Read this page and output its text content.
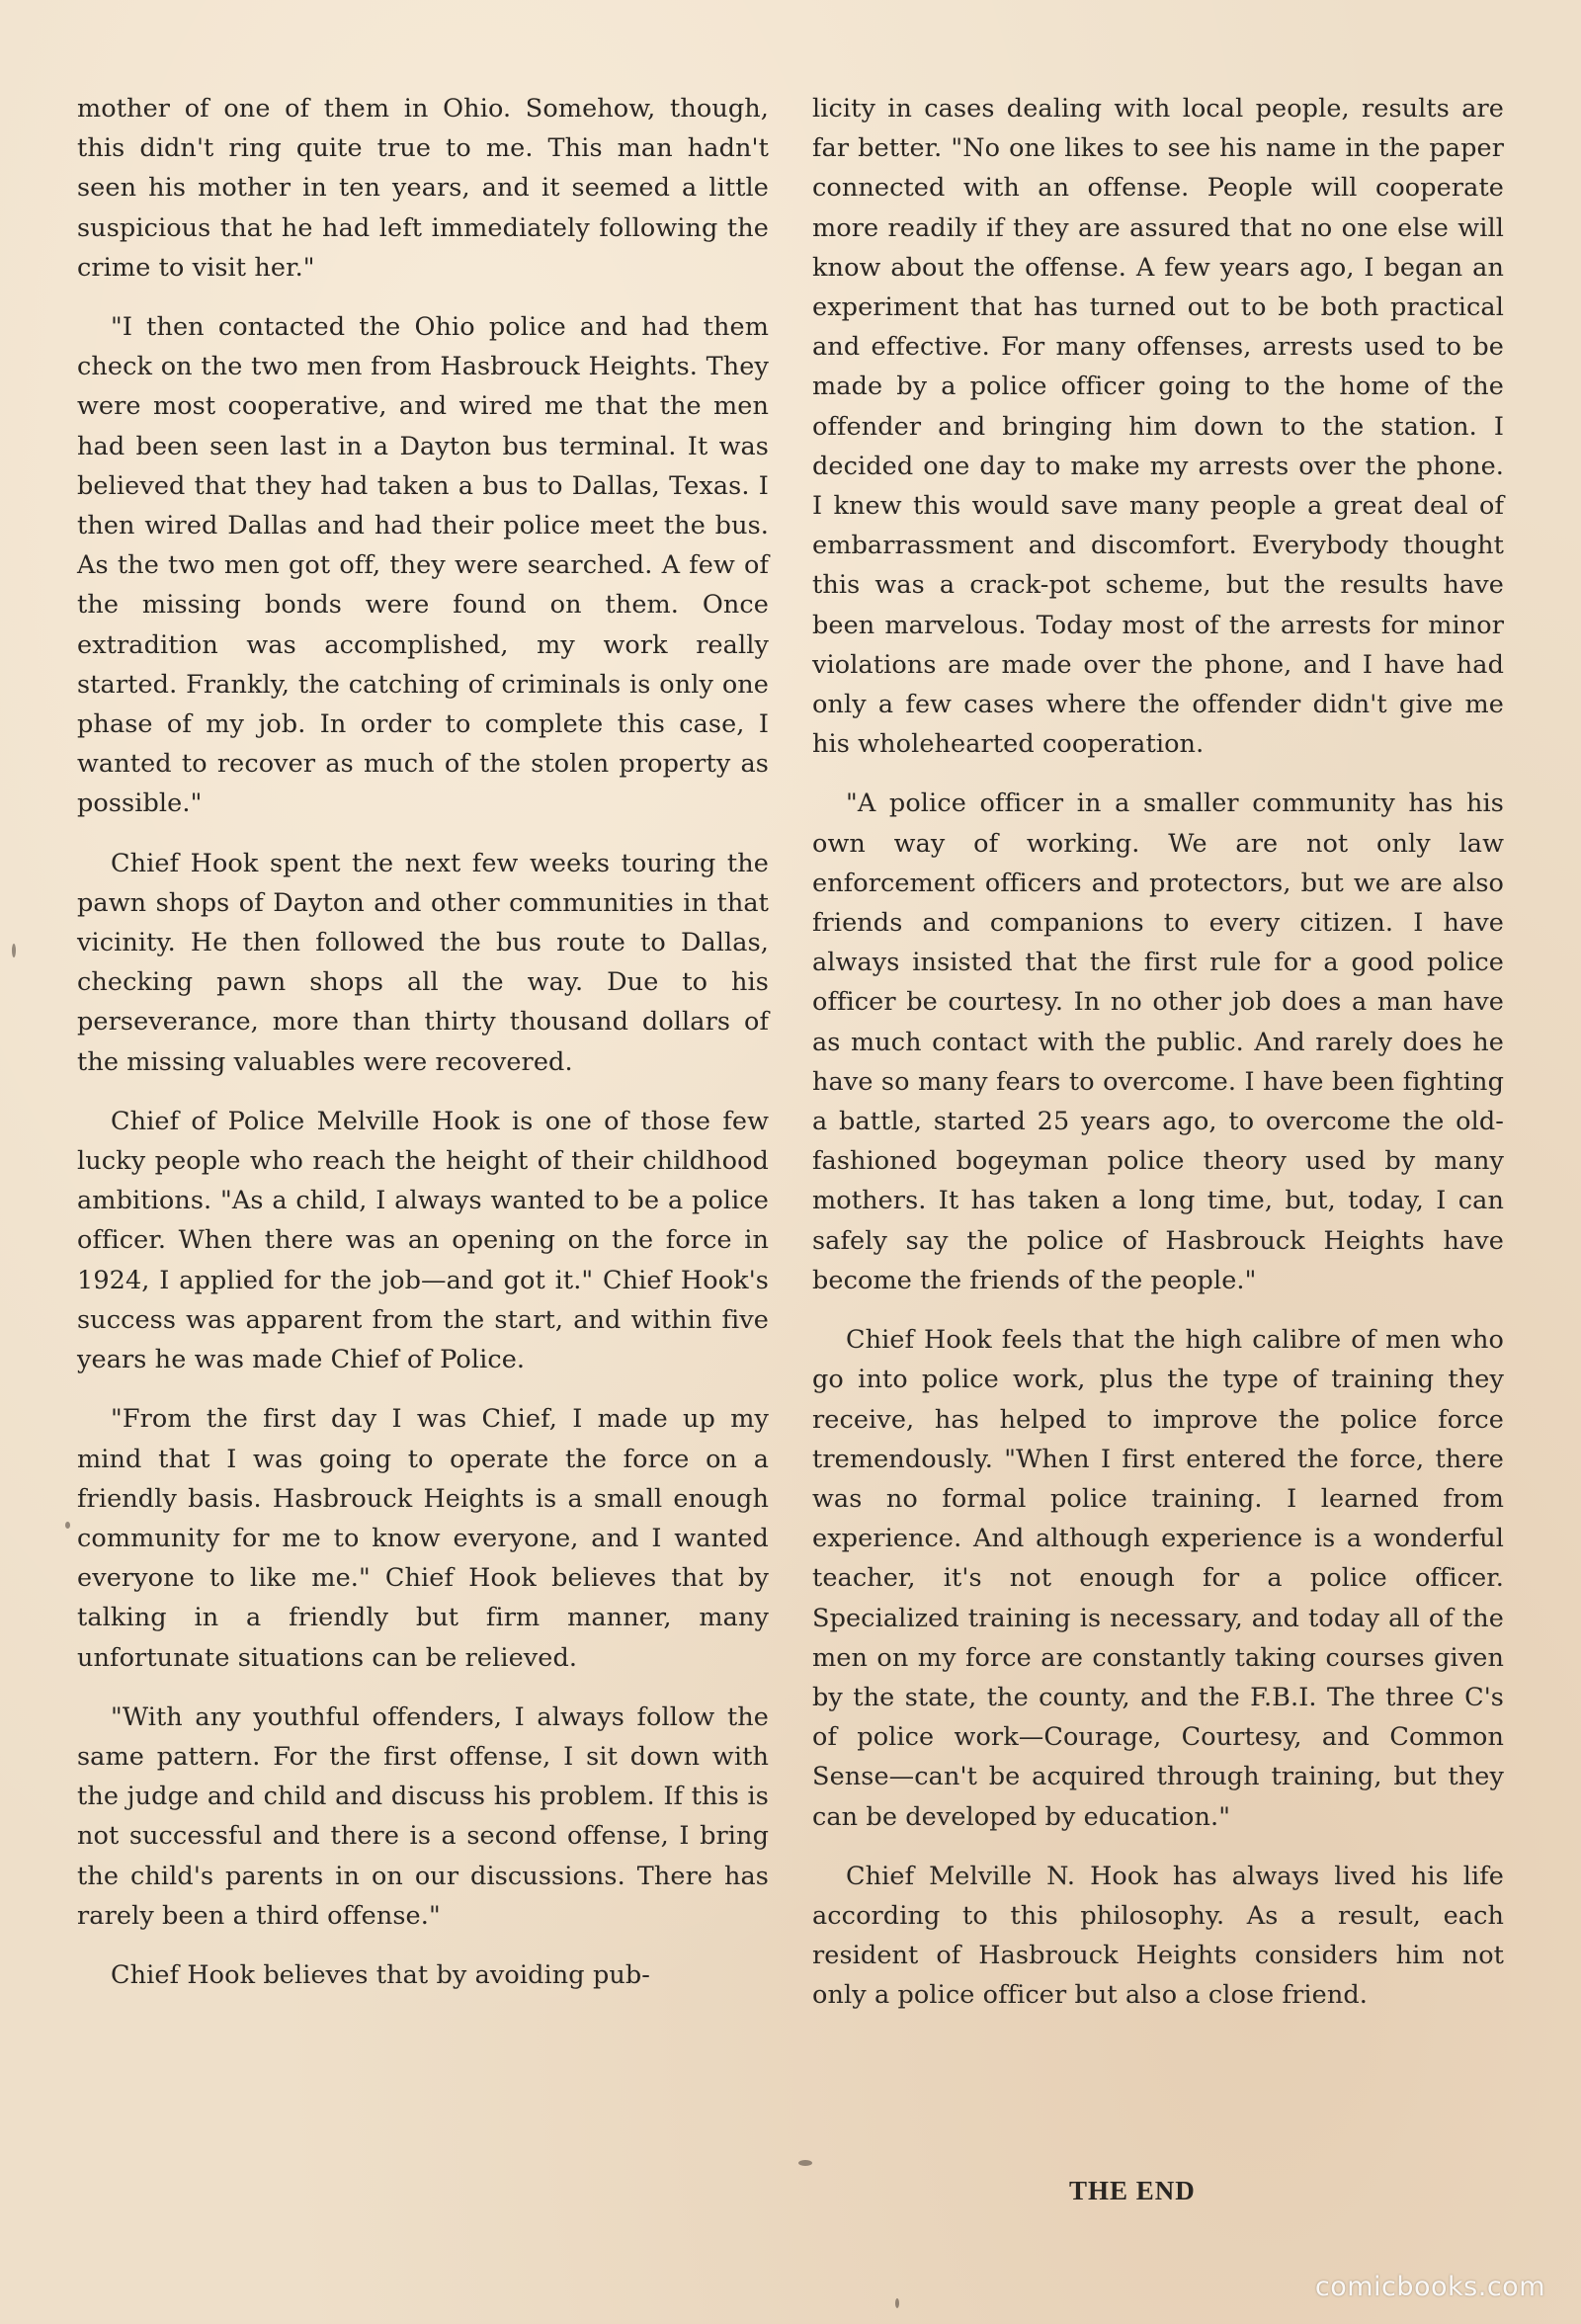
mother of one of them in Ohio. Somehow, though, this didn't ring quite true to me. This man hadn't seen his mother in ten years, and it seemed a little suspicious that he had left immediately following the crime to visit her."

"I then contacted the Ohio police and had them check on the two men from Hasbrouck Heights. They were most cooperative, and wired me that the men had been seen last in a Dayton bus terminal. It was believed that they had taken a bus to Dallas, Texas. I then wired Dallas and had their police meet the bus. As the two men got off, they were searched. A few of the missing bonds were found on them. Once extradition was accomplished, my work really started. Frankly, the catching of criminals is only one phase of my job. In order to complete this case, I wanted to recover as much of the stolen property as possible."

Chief Hook spent the next few weeks touring the pawn shops of Dayton and other communities in that vicinity. He then followed the bus route to Dallas, checking pawn shops all the way. Due to his perseverance, more than thirty thousand dollars of the missing valuables were recovered.

Chief of Police Melville Hook is one of those few lucky people who reach the height of their childhood ambitions. "As a child, I always wanted to be a police officer. When there was an opening on the force in 1924, I applied for the job—and got it." Chief Hook's success was apparent from the start, and within five years he was made Chief of Police.

"From the first day I was Chief, I made up my mind that I was going to operate the force on a friendly basis. Hasbrouck Heights is a small enough community for me to know everyone, and I wanted everyone to like me." Chief Hook believes that by talking in a friendly but firm manner, many unfortunate situations can be relieved.

"With any youthful offenders, I always follow the same pattern. For the first offense, I sit down with the judge and child and discuss his problem. If this is not successful and there is a second offense, I bring the child's parents in on our discussions. There has rarely been a third offense."

Chief Hook believes that by avoiding pub-

licity in cases dealing with local people, results are far better. "No one likes to see his name in the paper connected with an offense. People will cooperate more readily if they are assured that no one else will know about the offense. A few years ago, I began an experiment that has turned out to be both practical and effective. For many offenses, arrests used to be made by a police officer going to the home of the offender and bringing him down to the station. I decided one day to make my arrests over the phone. I knew this would save many people a great deal of embarrassment and discomfort. Everybody thought this was a crack-pot scheme, but the results have been marvelous. Today most of the arrests for minor violations are made over the phone, and I have had only a few cases where the offender didn't give me his wholehearted cooperation.

"A police officer in a smaller community has his own way of working. We are not only law enforcement officers and protectors, but we are also friends and companions to every citizen. I have always insisted that the first rule for a good police officer be courtesy. In no other job does a man have as much contact with the public. And rarely does he have so many fears to overcome. I have been fighting a battle, started 25 years ago, to overcome the old-fashioned bogeyman police theory used by many mothers. It has taken a long time, but, today, I can safely say the police of Hasbrouck Heights have become the friends of the people."

Chief Hook feels that the high calibre of men who go into police work, plus the type of training they receive, has helped to improve the police force tremendously. "When I first entered the force, there was no formal police training. I learned from experience. And although experience is a wonderful teacher, it's not enough for a police officer. Specialized training is necessary, and today all of the men on my force are constantly taking courses given by the state, the county, and the F.B.I. The three C's of police work—Courage, Courtesy, and Common Sense—can't be acquired through training, but they can be developed by education."

Chief Melville N. Hook has always lived his life according to this philosophy. As a result, each resident of Hasbrouck Heights considers him not only a police officer but also a close friend.

THE END
comicbooks.com
